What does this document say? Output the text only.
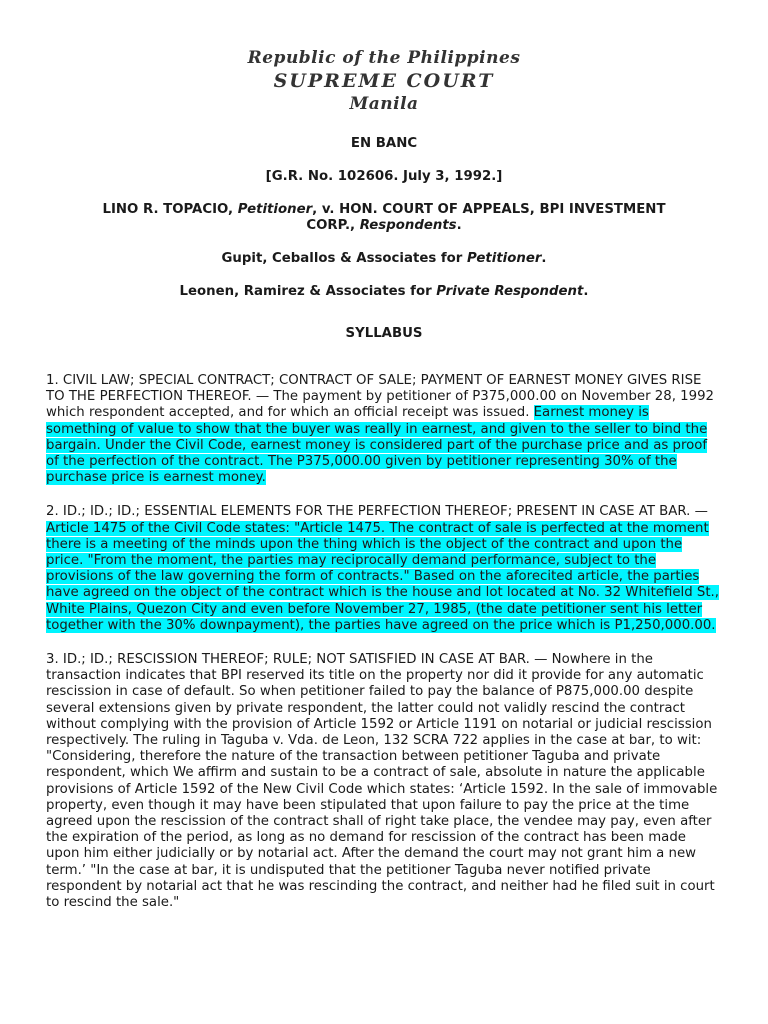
Republic of the Philippines
SUPREME COURT
Manila
EN BANC
[G.R. No. 102606. July 3, 1992.]
LINO R. TOPACIO, Petitioner, v. HON. COURT OF APPEALS, BPI INVESTMENT CORP., Respondents.
Gupit, Ceballos & Associates for Petitioner.
Leonen, Ramirez & Associates for Private Respondent.
SYLLABUS

1. CIVIL LAW; SPECIAL CONTRACT; CONTRACT OF SALE; PAYMENT OF EARNEST MONEY GIVES RISE TO THE PERFECTION THEREOF. — The payment by petitioner of P375,000.00 on November 28, 1992 which respondent accepted, and for which an official receipt was issued. Earnest money is something of value to show that the buyer was really in earnest, and given to the seller to bind the bargain. Under the Civil Code, earnest money is considered part of the purchase price and as proof of the perfection of the contract. The P375,000.00 given by petitioner representing 30% of the purchase price is earnest money.

2. ID.; ID.; ID.; ESSENTIAL ELEMENTS FOR THE PERFECTION THEREOF; PRESENT IN CASE AT BAR. — Article 1475 of the Civil Code states: "Article 1475. The contract of sale is perfected at the moment there is a meeting of the minds upon the thing which is the object of the contract and upon the price. "From the moment, the parties may reciprocally demand performance, subject to the provisions of the law governing the form of contracts." Based on the aforecited article, the parties have agreed on the object of the contract which is the house and lot located at No. 32 Whitefield St., White Plains, Quezon City and even before November 27, 1985, (the date petitioner sent his letter together with the 30% downpayment), the parties have agreed on the price which is P1,250,000.00.

3. ID.; ID.; RESCISSION THEREOF; RULE; NOT SATISFIED IN CASE AT BAR. — Nowhere in the transaction indicates that BPI reserved its title on the property nor did it provide for any automatic rescission in case of default. So when petitioner failed to pay the balance of P875,000.00 despite several extensions given by private respondent, the latter could not validly rescind the contract without complying with the provision of Article 1592 or Article 1191 on notarial or judicial rescission respectively. The ruling in Taguba v. Vda. de Leon, 132 SCRA 722 applies in the case at bar, to wit: "Considering, therefore the nature of the transaction between petitioner Taguba and private respondent, which We affirm and sustain to be a contract of sale, absolute in nature the applicable provisions of Article 1592 of the New Civil Code which states: ‘Article 1592. In the sale of immovable property, even though it may have been stipulated that upon failure to pay the price at the time agreed upon the rescission of the contract shall of right take place, the vendee may pay, even after the expiration of the period, as long as no demand for rescission of the contract has been made upon him either judicially or by notarial act. After the demand the court may not grant him a new term.’ "In the case at bar, it is undisputed that the petitioner Taguba never notified private respondent by notarial act that he was rescinding the contract, and neither had he filed suit in court to rescind the sale."
